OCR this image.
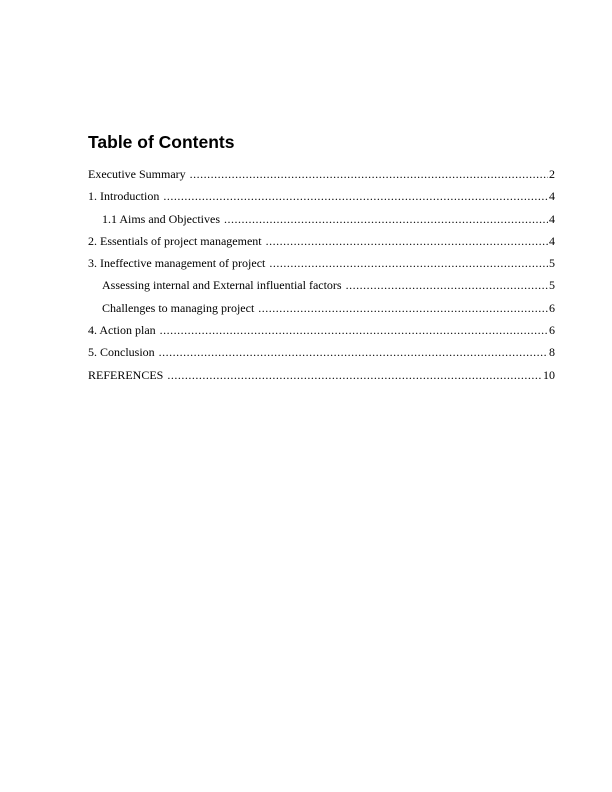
Table of Contents
Executive Summary .....	2
1. Introduction .....	4
1.1 Aims and Objectives .....	4
2. Essentials of project management .....	4
3. Ineffective management of project .....	5
Assessing internal and External influential factors .....	5
Challenges to managing project .....	6
4. Action plan .....	6
5. Conclusion .....	8
REFERENCES .....	10
